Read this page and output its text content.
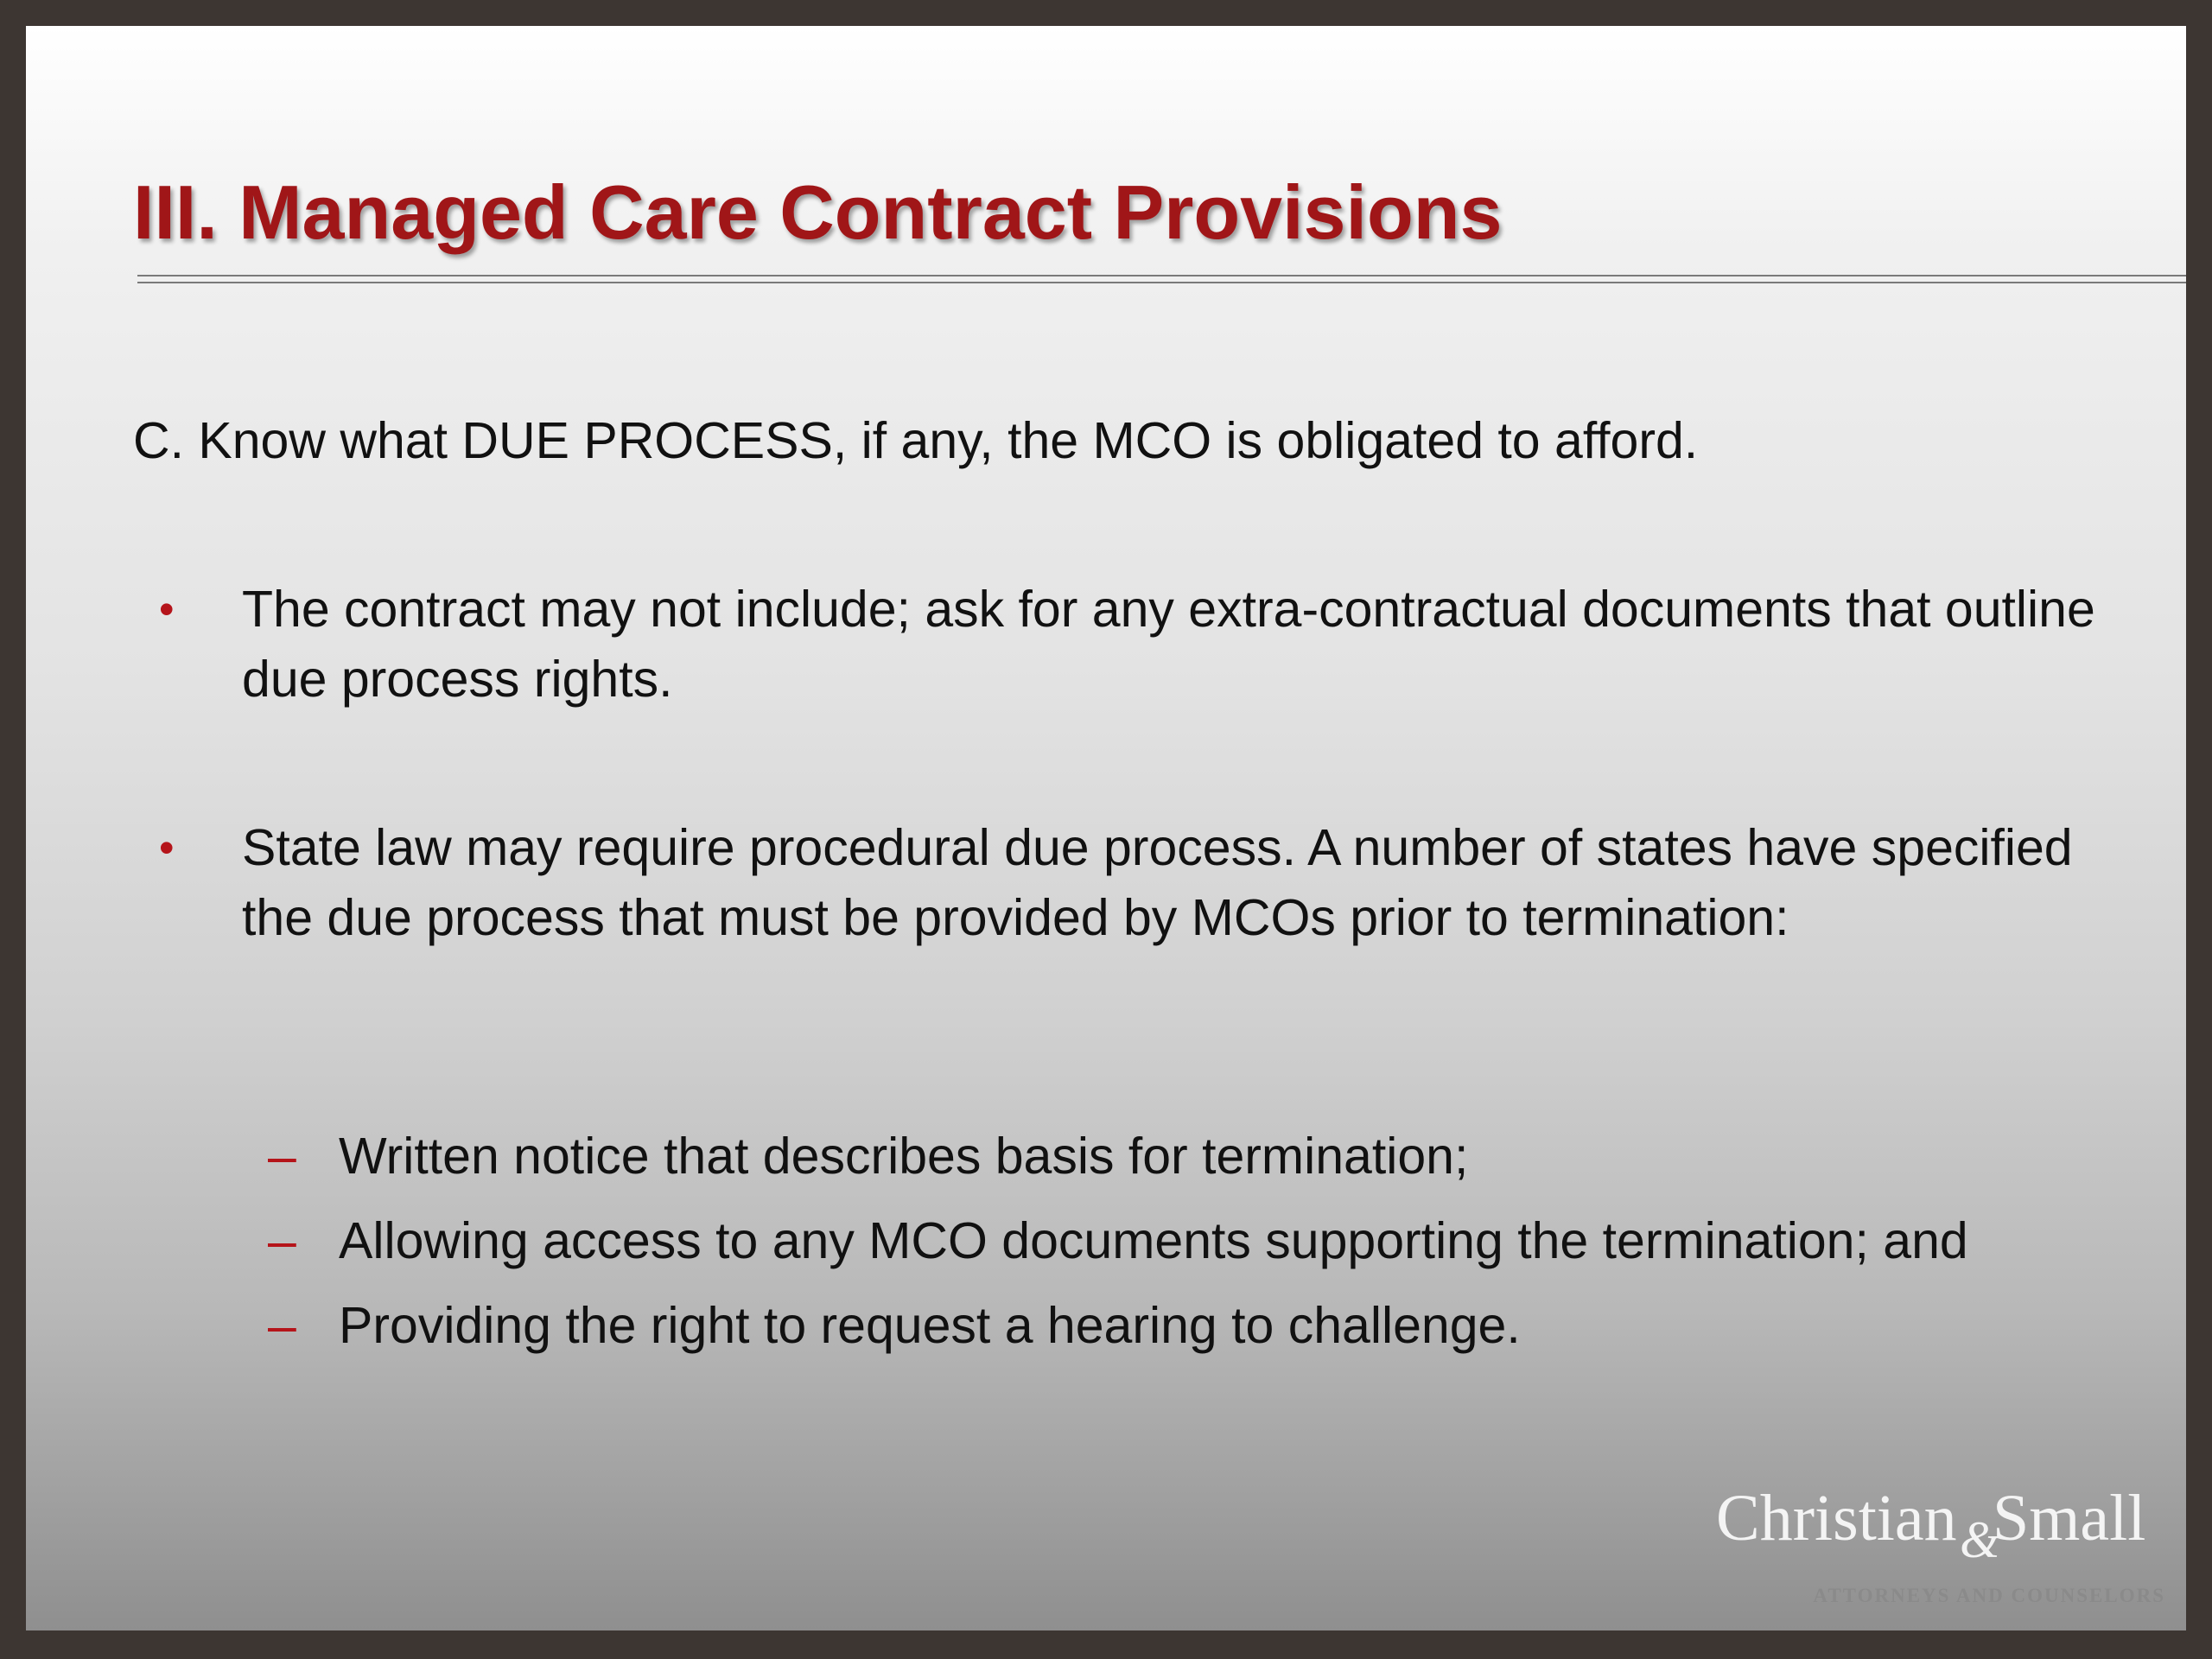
III. Managed Care Contract Provisions

C. Know what DUE PROCESS, if any, the MCO is obligated to afford.

• The contract may not include; ask for any extra-contractual documents that outline due process rights.
• State law may require procedural due process. A number of states have specified the due process that must be provided by MCOs prior to termination:
– Written notice that describes basis for termination;
– Allowing access to any MCO documents supporting the termination; and
– Providing the right to request a hearing to challenge.
Christian &
Small
ATTORNEYS AND COUNSELORS
